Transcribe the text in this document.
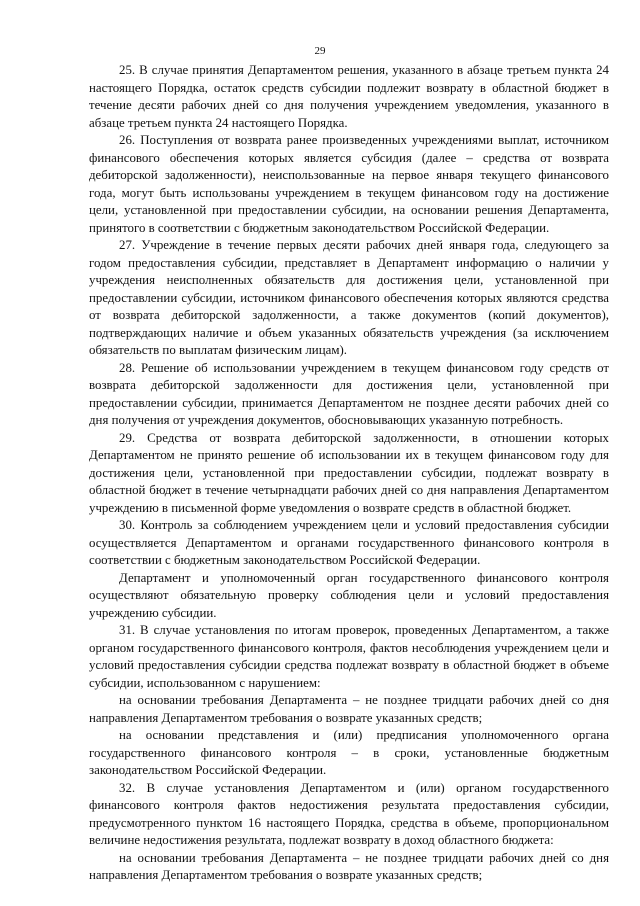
29

25. В случае принятия Департаментом решения, указанного в абзаце третьем пункта 24 настоящего Порядка, остаток средств субсидии подлежит возврату в областной бюджет в течение десяти рабочих дней со дня получения учреждением уведомления, указанного в абзаце третьем пункта 24 настоящего Порядка.

26. Поступления от возврата ранее произведенных учреждениями выплат, источником финансового обеспечения которых является субсидия (далее – средства от возврата дебиторской задолженности), неиспользованные на первое января текущего финансового года, могут быть использованы учреждением в текущем финансовом году на достижение цели, установленной при предоставлении субсидии, на основании решения Департамента, принятого в соответствии с бюджетным законодательством Российской Федерации.

27. Учреждение в течение первых десяти рабочих дней января года, следующего за годом предоставления субсидии, представляет в Департамент информацию о наличии у учреждения неисполненных обязательств для достижения цели, установленной при предоставлении субсидии, источником финансового обеспечения которых являются средства от возврата дебиторской задолженности, а также документов (копий документов), подтверждающих наличие и объем указанных обязательств учреждения (за исключением обязательств по выплатам физическим лицам).

28. Решение об использовании учреждением в текущем финансовом году средств от возврата дебиторской задолженности для достижения цели, установленной при предоставлении субсидии, принимается Департаментом не позднее десяти рабочих дней со дня получения от учреждения документов, обосновывающих указанную потребность.

29. Средства от возврата дебиторской задолженности, в отношении которых Департаментом не принято решение об использовании их в текущем финансовом году для достижения цели, установленной при предоставлении субсидии, подлежат возврату в областной бюджет в течение четырнадцати рабочих дней со дня направления Департаментом учреждению в письменной форме уведомления о возврате средств в областной бюджет.

30. Контроль за соблюдением учреждением цели и условий предоставления субсидии осуществляется Департаментом и органами государственного финансового контроля в соответствии с бюджетным законодательством Российской Федерации.

Департамент и уполномоченный орган государственного финансового контроля осуществляют обязательную проверку соблюдения цели и условий предоставления учреждению субсидии.

31. В случае установления по итогам проверок, проведенных Департаментом, а также органом государственного финансового контроля, фактов несоблюдения учреждением цели и условий предоставления субсидии средства подлежат возврату в областной бюджет в объеме субсидии, использованном с нарушением:

на основании требования Департамента – не позднее тридцати рабочих дней со дня направления Департаментом требования о возврате указанных средств;

на основании представления и (или) предписания уполномоченного органа государственного финансового контроля – в сроки, установленные бюджетным законодательством Российской Федерации.

32. В случае установления Департаментом и (или) органом государственного финансового контроля фактов недостижения результата предоставления субсидии, предусмотренного пунктом 16 настоящего Порядка, средства в объеме, пропорциональном величине недостижения результата, подлежат возврату в доход областного бюджета:

на основании требования Департамента – не позднее тридцати рабочих дней со дня направления Департаментом требования о возврате указанных средств;
